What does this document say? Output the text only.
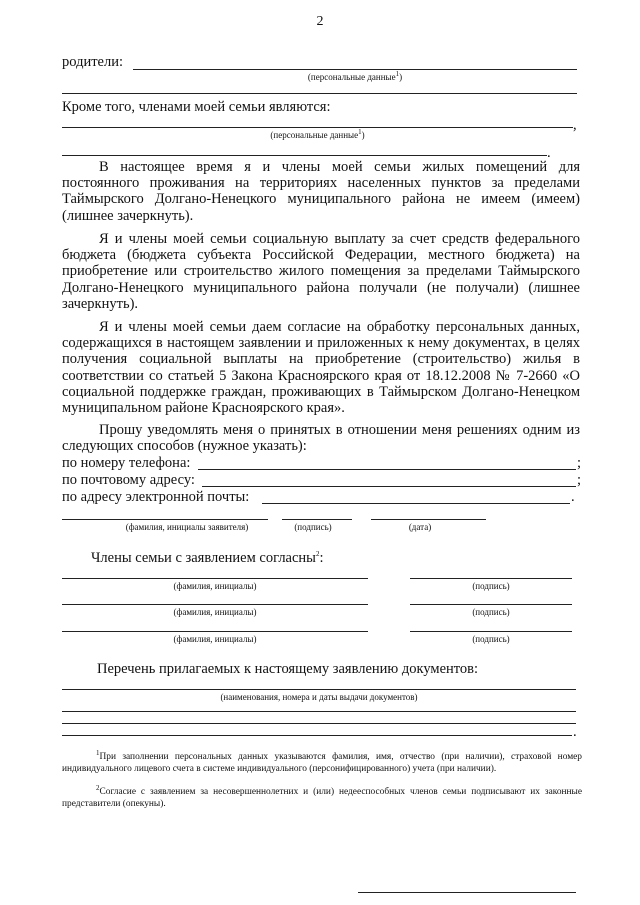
2
родители:
(персональные данные$^1$)
Кроме того, членами моей семьи являются:
,
(персональные данные$^1$)
.
В настоящее время я и члены моей семьи жилых помещений для постоянного проживания на территориях населенных пунктов за пределами Таймырского Долгано-Ненецкого муниципального района не имеем (имеем) (лишнее зачеркнуть).
Я и члены моей семьи социальную выплату за счет средств федерального бюджета (бюджета субъекта Российской Федерации, местного бюджета) на приобретение или строительство жилого помещения за пределами Таймырского Долгано-Ненецкого муниципального района получали (не получали) (лишнее зачеркнуть).
Я и члены моей семьи даем согласие на обработку персональных данных, содержащихся в настоящем заявлении и приложенных к нему документах, в целях получения социальной выплаты на приобретение (строительство) жилья в соответствии со статьей 5 Закона Красноярского края от 18.12.2008 № 7-2660 «О социальной поддержке граждан, проживающих в Таймырском Долгано-Ненецком муниципальном районе Красноярского края».
Прошу уведомлять меня о принятых в отношении меня решениях одним из следующих способов (нужное указать):
по номеру телефона:	;
по почтовому адресу:	;
по адресу электронной почты:	.
(фамилия, инициалы заявителя)	(подпись)	(дата)
Члены семьи с заявлением согласны$^2$:
(фамилия, инициалы)	(подпись)
(фамилия, инициалы)	(подпись)
(фамилия, инициалы)	(подпись)
Перечень прилагаемых к настоящему заявлению документов:
(наименования, номера и даты выдачи документов)
.
$^1$При заполнении персональных данных указываются фамилия, имя, отчество (при наличии), страховой номер индивидуального лицевого счета в системе индивидуального (персонифицированного) учета (при наличии).
$^2$Согласие с заявлением за несовершеннолетних и (или) недееспособных членов семьи подписывают их законные представители (опекуны).
